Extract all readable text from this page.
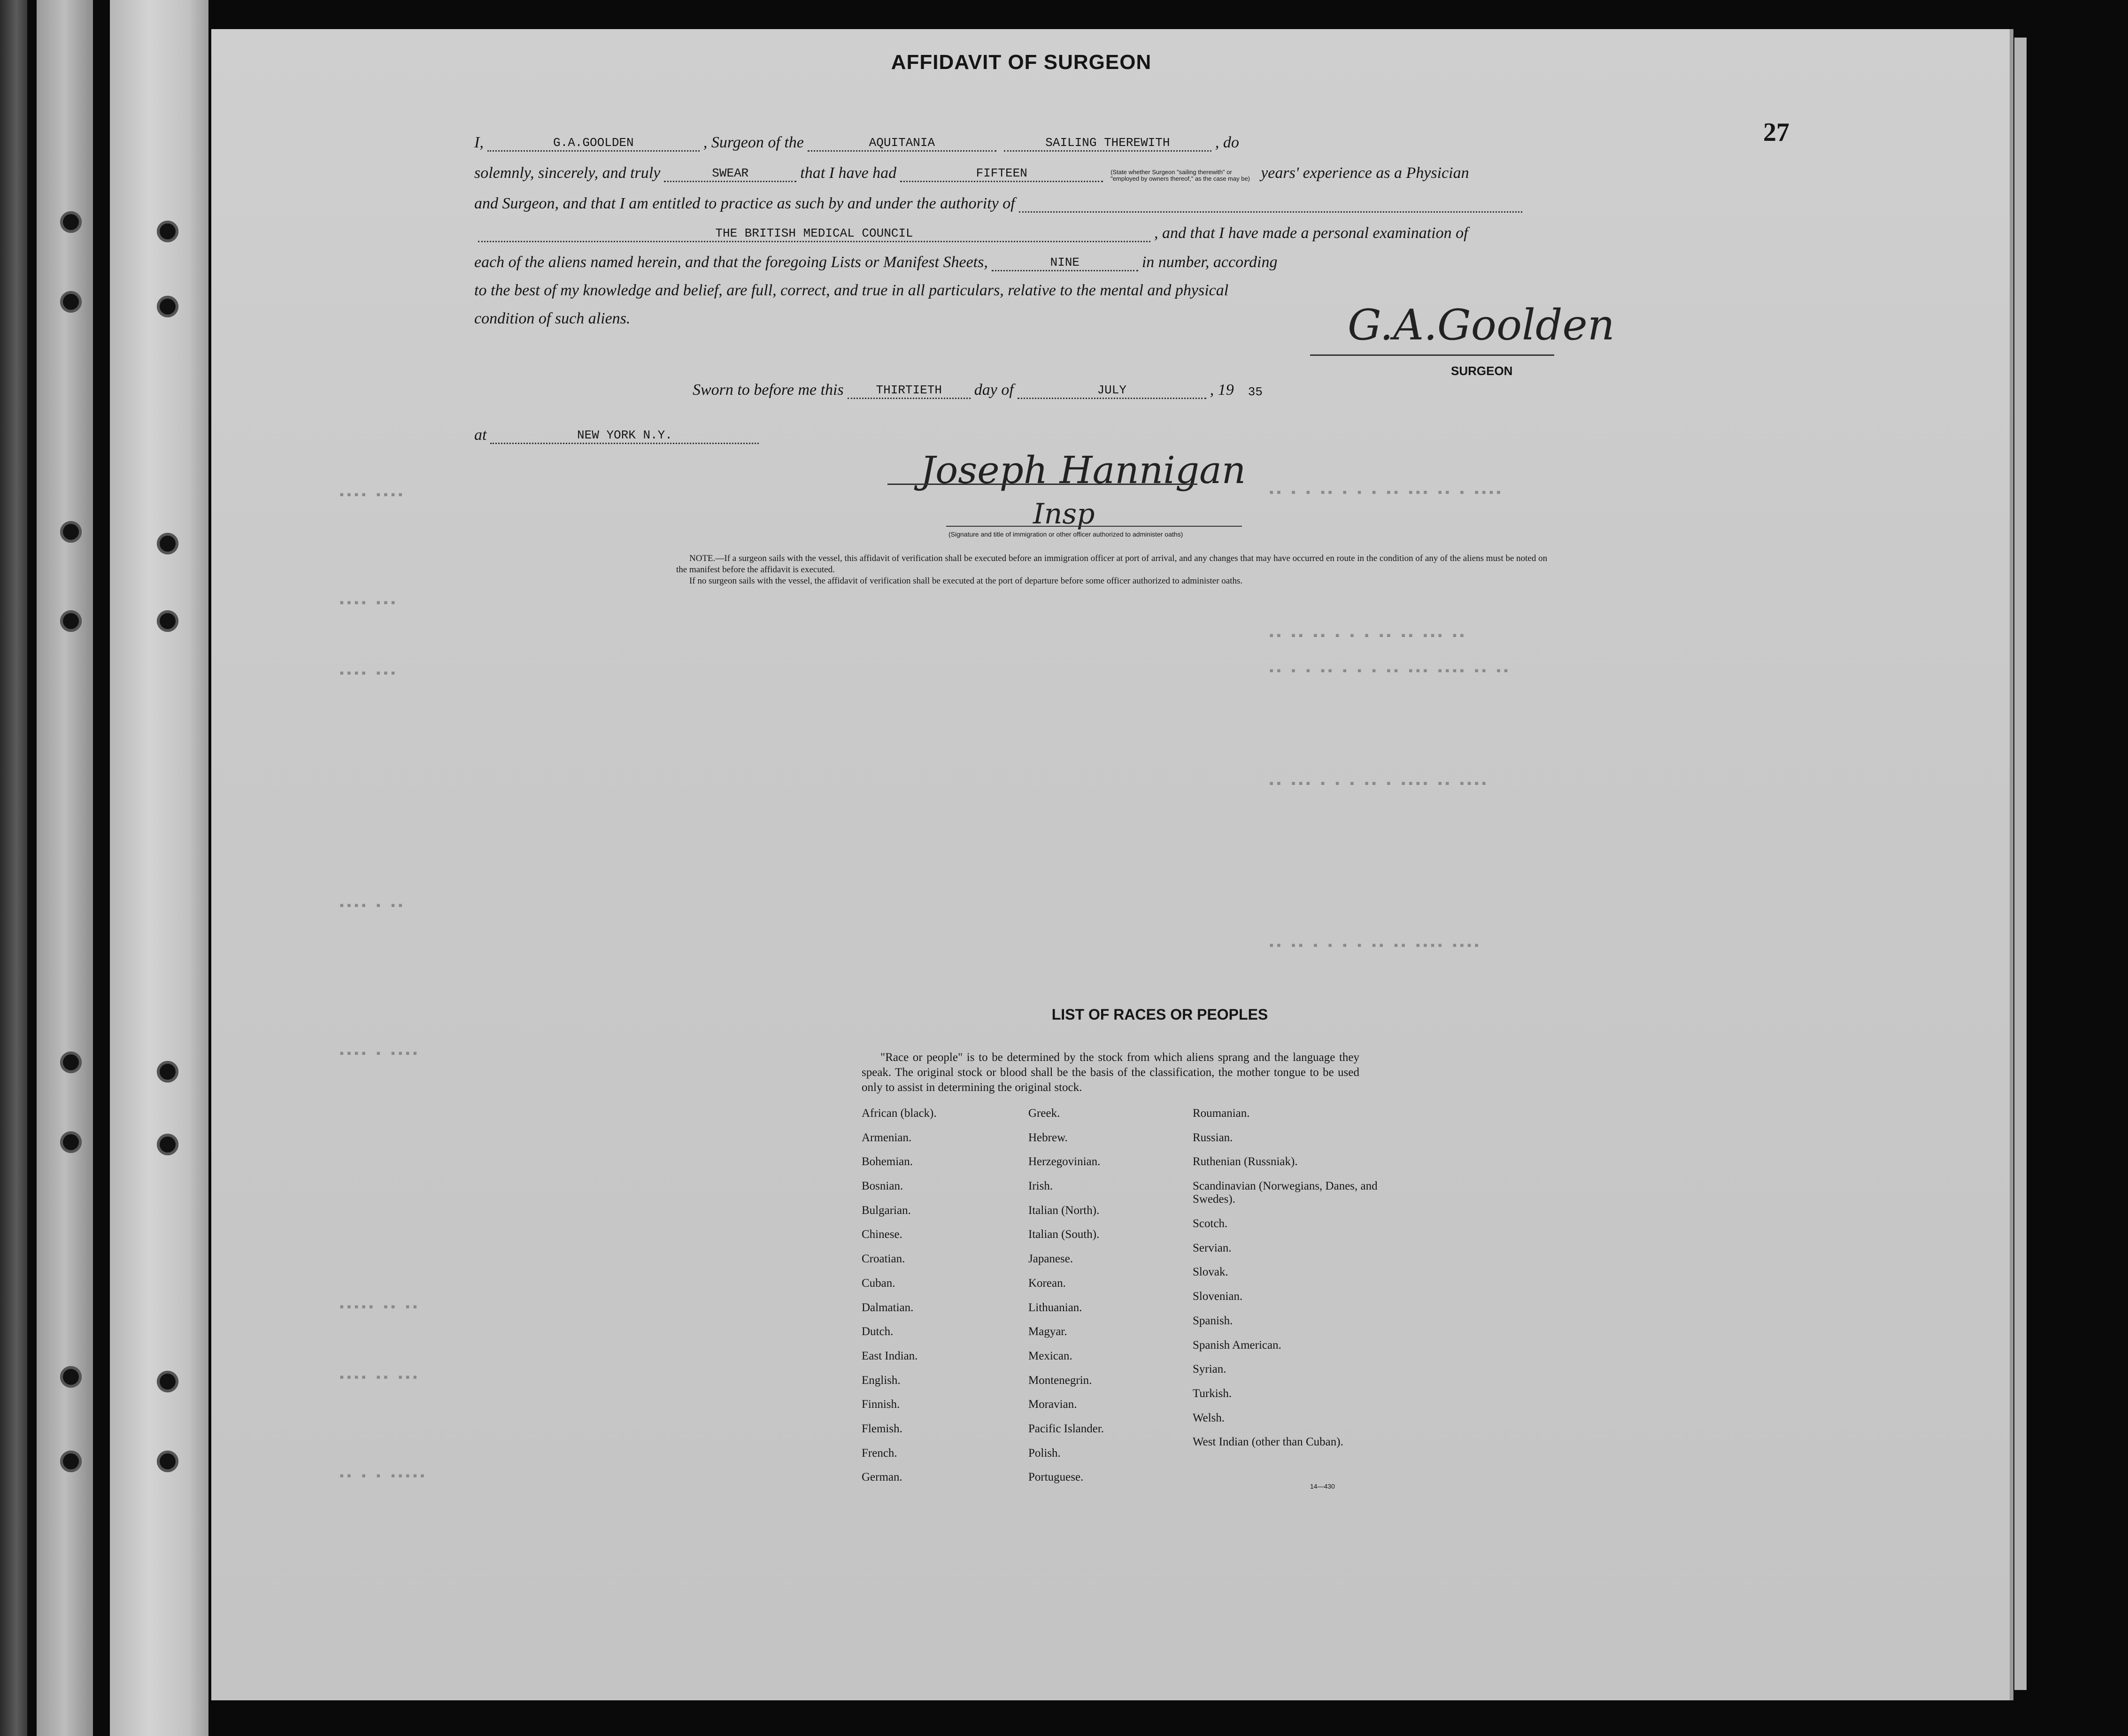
27
AFFIDAVIT OF SURGEON
▪▪▪▪ ▪▪▪▪	▪▪ ▪ ▪ ▪▪ ▪ ▪ ▪ ▪▪ ▪▪▪ ▪▪ ▪ ▪▪▪▪
▪▪▪▪ ▪▪▪
▪▪ ▪▪ ▪▪ ▪ ▪ ▪ ▪▪ ▪▪ ▪▪▪ ▪▪
▪▪▪▪ ▪▪▪	▪▪ ▪ ▪ ▪▪ ▪ ▪ ▪ ▪▪ ▪▪▪ ▪▪▪▪ ▪▪ ▪▪
▪▪ ▪▪▪ ▪ ▪ ▪ ▪▪ ▪ ▪▪▪▪ ▪▪ ▪▪▪▪
▪▪▪▪ ▪ ▪▪
▪▪ ▪▪ ▪ ▪ ▪ ▪ ▪▪ ▪▪ ▪▪▪▪ ▪▪▪▪
▪▪▪▪ ▪ ▪▪▪▪
▪▪▪▪▪ ▪▪ ▪▪
▪▪▪▪ ▪▪ ▪▪▪
▪▪ ▪ ▪ ▪▪▪▪▪
I,	G.A.GOOLDEN	, Surgeon of the	AQUITANIA	SAILING THEREWITH	, do
solemnly, sincerely, and truly	SWEAR	that I have had	FIFTEEN	(State whether Surgeon "sailing therewith" or "employed by owners thereof," as the case may be) years' experience as a Physician
and Surgeon, and that I am entitled to practice as such by and under the authority of

THE BRITISH MEDICAL COUNCIL	, and that I have made a personal examination of
each of the aliens named herein, and that the foregoing Lists or Manifest Sheets,	NINE	in number, according
to the best of my knowledge and belief, are full, correct, and true in all particulars, relative to the mental and physical
condition of such aliens.	G.A.Goolden
SURGEON
Sworn to before me this	THIRTIETH	day of	JULY	, 19 35
at	NEW YORK N.Y.
Joseph Hannigan
Insp
(Signature and title of immigration or other officer authorized to administer oaths)
NOTE.—If a surgeon sails with the vessel, this affidavit of verification shall be executed before an immigration officer at port of arrival, and any changes that may have occurred en route in the condition of any of the aliens must be noted on the manifest before the affidavit is executed.
If no surgeon sails with the vessel, the affidavit of verification shall be executed at the port of departure before some officer authorized to administer oaths.
LIST OF RACES OR PEOPLES
"Race or people" is to be determined by the stock from which aliens sprang and the language they speak. The original stock or blood shall be the basis of the classification, the mother tongue to be used only to assist in determining the original stock.
African (black).
Armenian.
Bohemian.
Bosnian.
Bulgarian.
Chinese.
Croatian.
Cuban.
Dalmatian.
Dutch.
East Indian.
English.
Finnish.
Flemish.
French.
German.
Greek.
Hebrew.
Herzegovinian.
Irish.
Italian (North).
Italian (South).
Japanese.
Korean.
Lithuanian.
Magyar.
Mexican.
Montenegrin.
Moravian.
Pacific Islander.
Polish.
Portuguese.
Roumanian.
Russian.
Ruthenian (Russniak).
Scandinavian (Norwegians, Danes, and Swedes).
Scotch.
Servian.
Slovak.
Slovenian.
Spanish.
Spanish American.
Syrian.
Turkish.
Welsh.
West Indian (other than Cuban).
14—430
